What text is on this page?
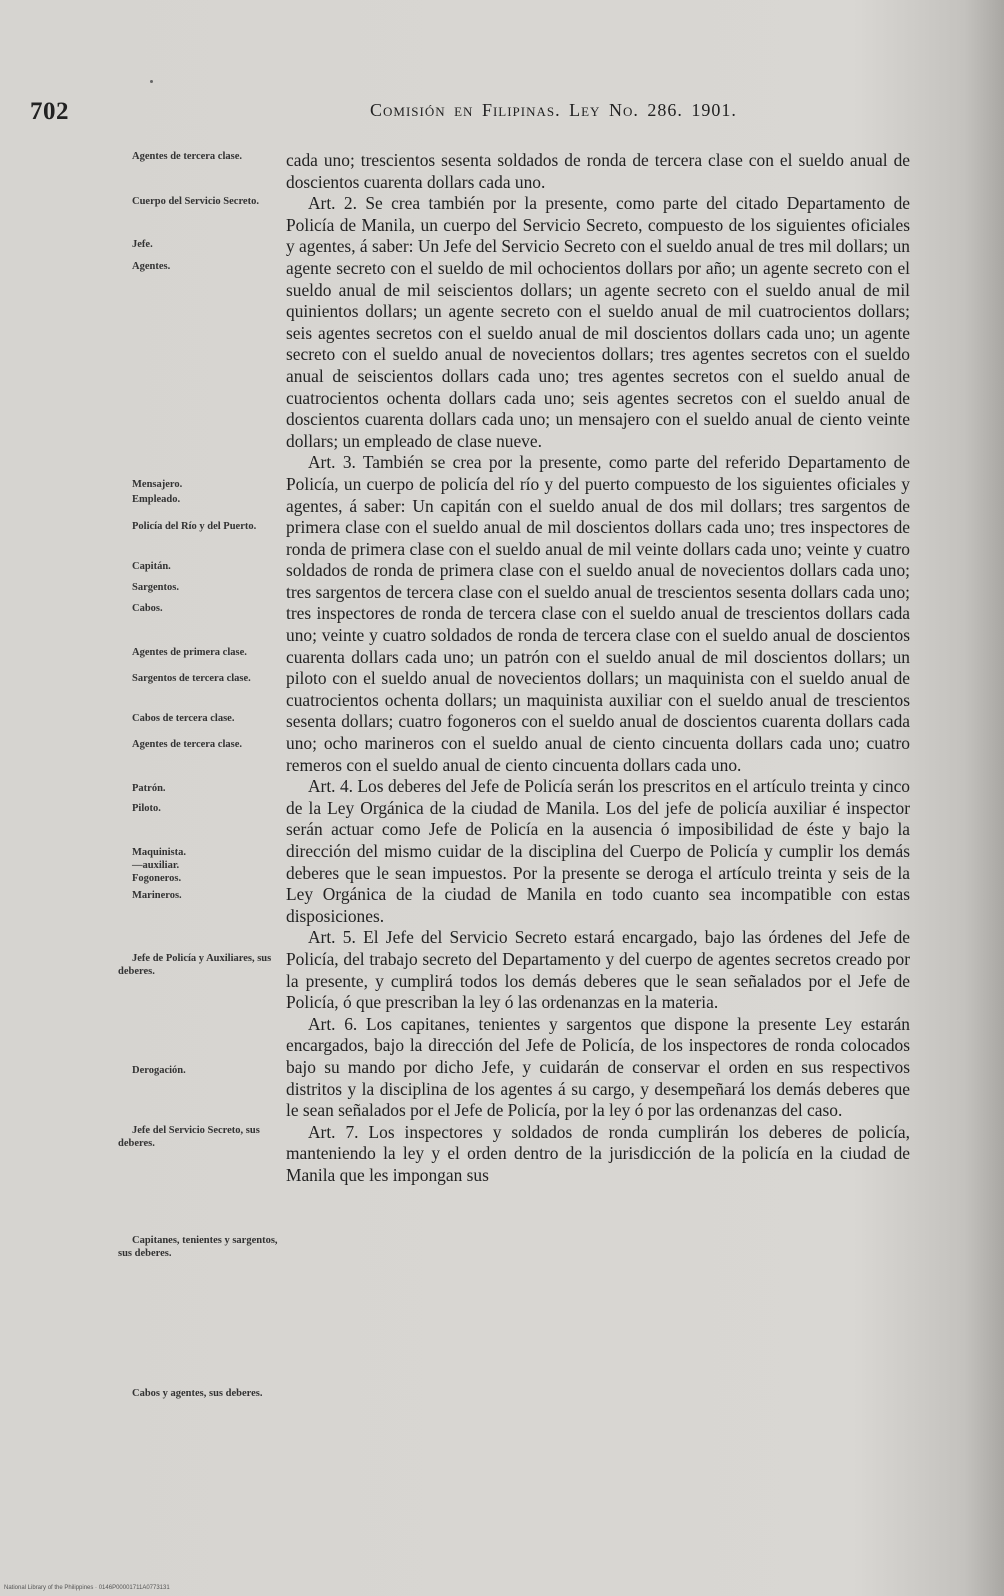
702	Comisión en Filipinas. Ley No. 286. 1901.
Agentes de tercera clase.
Cuerpo del Servicio Secreto.
Jefe.
Agentes.
Mensajero.
Empleado.
Policía del Río y del Puerto.
Capitán.
Sargentos.
Cabos.
Agentes de primera clase.
Sargentos de tercera clase.
Cabos de tercera clase.
Agentes de tercera clase.
Patrón.
Piloto.
Maquinista.
—auxiliar.
Fogoneros.
Marineros.
Jefe de Policía y Auxiliares, sus deberes.
Derogación.
Jefe del Servicio Secreto, sus deberes.
Capitanes, tenientes y sargentos, sus deberes.
Cabos y agentes, sus deberes.

cada uno; trescientos sesenta soldados de ronda de tercera clase con el sueldo anual de doscientos cuarenta dollars cada uno.

Art. 2. Se crea también por la presente, como parte del citado Departamento de Policía de Manila, un cuerpo del Servicio Secreto, compuesto de los siguientes oficiales y agentes, á saber: Un Jefe del Servicio Secreto con el sueldo anual de tres mil dollars; un agente secreto con el sueldo de mil ochocientos dollars por año; un agente secreto con el sueldo anual de mil seiscientos dollars; un agente secreto con el sueldo anual de mil quinientos dollars; un agente secreto con el sueldo anual de mil cuatrocientos dollars; seis agentes secretos con el sueldo anual de mil doscientos dollars cada uno; un agente secreto con el sueldo anual de novecientos dollars; tres agentes secretos con el sueldo anual de seiscientos dollars cada uno; tres agentes secretos con el sueldo anual de cuatrocientos ochenta dollars cada uno; seis agentes secretos con el sueldo anual de doscientos cuarenta dollars cada uno; un mensajero con el sueldo anual de ciento veinte dollars; un empleado de clase nueve.

Art. 3. También se crea por la presente, como parte del referido Departamento de Policía, un cuerpo de policía del río y del puerto compuesto de los siguientes oficiales y agentes, á saber: Un capitán con el sueldo anual de dos mil dollars; tres sargentos de primera clase con el sueldo anual de mil doscientos dollars cada uno; tres inspectores de ronda de primera clase con el sueldo anual de mil veinte dollars cada uno; veinte y cuatro soldados de ronda de primera clase con el sueldo anual de novecientos dollars cada uno; tres sargentos de tercera clase con el sueldo anual de trescientos sesenta dollars cada uno; tres inspectores de ronda de tercera clase con el sueldo anual de trescientos dollars cada uno; veinte y cuatro soldados de ronda de tercera clase con el sueldo anual de doscientos cuarenta dollars cada uno; un patrón con el sueldo anual de mil doscientos dollars; un piloto con el sueldo anual de novecientos dollars; un maquinista con el sueldo anual de cuatrocientos ochenta dollars; un maquinista auxiliar con el sueldo anual de trescientos sesenta dollars; cuatro fogoneros con el sueldo anual de doscientos cuarenta dollars cada uno; ocho marineros con el sueldo anual de ciento cincuenta dollars cada uno; cuatro remeros con el sueldo anual de ciento cincuenta dollars cada uno.

Art. 4. Los deberes del Jefe de Policía serán los prescritos en el artículo treinta y cinco de la Ley Orgánica de la ciudad de Manila. Los del jefe de policía auxiliar é inspector serán actuar como Jefe de Policía en la ausencia ó imposibilidad de éste y bajo la dirección del mismo cuidar de la disciplina del Cuerpo de Policía y cumplir los demás deberes que le sean impuestos. Por la presente se deroga el artículo treinta y seis de la Ley Orgánica de la ciudad de Manila en todo cuanto sea incompatible con estas disposiciones.

Art. 5. El Jefe del Servicio Secreto estará encargado, bajo las órdenes del Jefe de Policía, del trabajo secreto del Departamento y del cuerpo de agentes secretos creado por la presente, y cumplirá todos los demás deberes que le sean señalados por el Jefe de Policía, ó que prescriban la ley ó las ordenanzas en la materia.

Art. 6. Los capitanes, tenientes y sargentos que dispone la presente Ley estarán encargados, bajo la dirección del Jefe de Policía, de los inspectores de ronda colocados bajo su mando por dicho Jefe, y cuidarán de conservar el orden en sus respectivos distritos y la disciplina de los agentes á su cargo, y desempeñará los demás deberes que le sean señalados por el Jefe de Policía, por la ley ó por las ordenanzas del caso.

Art. 7. Los inspectores y soldados de ronda cumplirán los deberes de policía, manteniendo la ley y el orden dentro de la jurisdicción de la policía en la ciudad de Manila que les impongan sus

National Library of the Philippines · 0146P00001711A0773131
